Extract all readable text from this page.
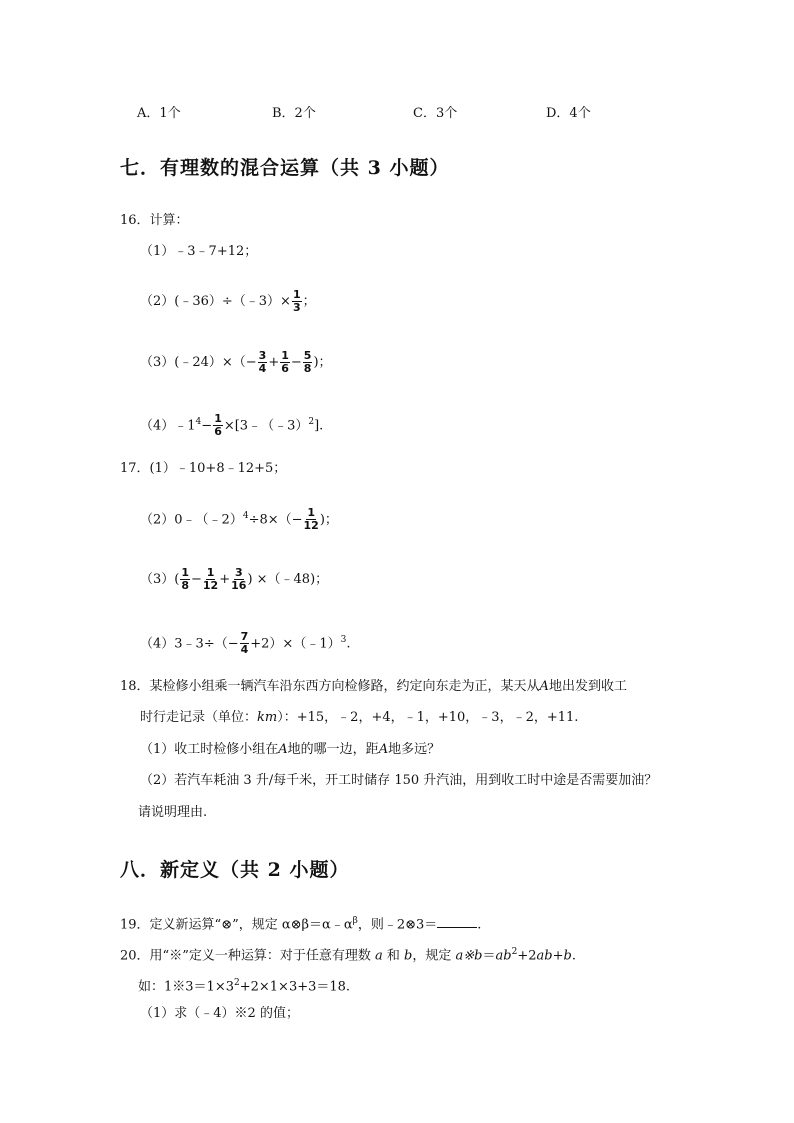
A．1个	B．2个	C．3个	D．4个
七．有理数的混合运算（共 3 小题）
16．计算：
（1）﹣3﹣7+12；
（2）(﹣36）÷（﹣3）× $\frac{1}{3}$ ；
（3）(﹣24）×（− $\frac{3}{4} + \frac{1}{6} - \frac{5}{8}$ )；
$(4)﹣1^4- \frac{1}{6}$ ×[3﹣（﹣3）$^2$].
17．(1）﹣10+8﹣12+5；
（2）0﹣（﹣2）$^4$÷8×（− $\frac{1}{12}$ )；
$(3)( \frac{1}{8} - \frac{1}{12} + \frac{3}{16}$ ) ×（﹣48)；
（4）3﹣3÷（− $\frac{7}{4}$ +2）×（﹣1）$^3$.
18．某检修小组乘一辆汽车沿东西方向检修路，约定向东走为正，某天从A地出发到收工
时行走记录（单位：km）：+15，﹣2，+4，﹣1，+10，﹣3，﹣2，+11.
（1）收工时检修小组在A地的哪一边，距A地多远？
（2）若汽车耗油 3 升/每千米，开工时储存 150 升汽油，用到收工时中途是否需要加油？
请说明理由.
八．新定义（共 2 小题）
19．定义新运算“⊗”，规定 $\alpha\otimes\beta=\alpha﹣\alpha^\beta$，则﹣2⊗3＝	.
20．用“※”定义一种运算：对于任意有理数 a 和 b，规定 $a※b=ab^2+2ab+b$.
如：$1※3=1\times 3^2+2\times 1\times 3+3=18$.
（1）求（﹣4）※2 的值；
